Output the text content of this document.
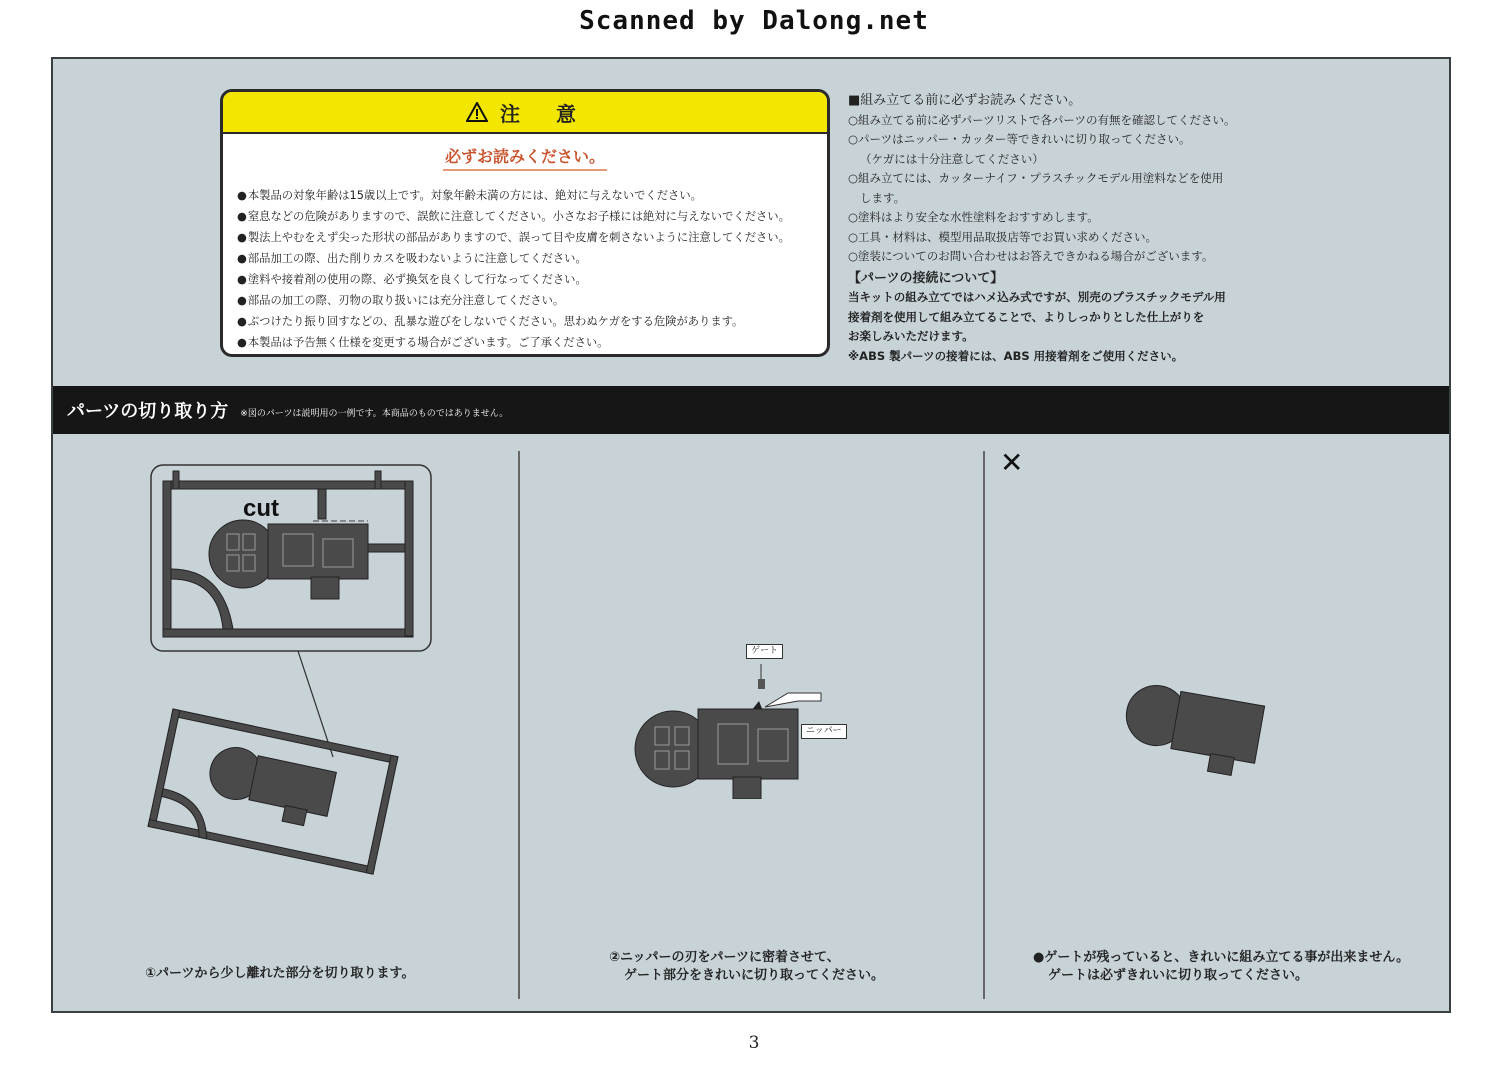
Scanned by Dalong.net
注　意
必ずお読みください。
● 本製品の対象年齢は15歳以上です。対象年齢未満の方には、絶対に与えないでください。
● 窒息などの危険がありますので、誤飲に注意してください。小さなお子様には絶対に与えないでください。
● 製法上やむをえず尖った形状の部品がありますので、誤って目や皮膚を刺さないように注意してください。
● 部品加工の際、出た削りカスを吸わないように注意してください。
● 塗料や接着剤の使用の際、必ず換気を良くして行なってください。
● 部品の加工の際、刃物の取り扱いには充分注意してください。
● ぶつけたり振り回すなどの、乱暴な遊びをしないでください。思わぬケガをする危険があります。
● 本製品は予告無く仕様を変更する場合がございます。ご了承ください。
■組み立てる前に必ずお読みください。
○組み立てる前に必ずパーツリストで各パーツの有無を確認してください。
○パーツはニッパー・カッター等できれいに切り取ってください。
（ケガには十分注意してください）
○組み立てには、カッターナイフ・プラスチックモデル用塗料などを使用
します。
○塗料はより安全な水性塗料をおすすめします。
○工具・材料は、模型用品取扱店等でお買い求めください。
○塗装についてのお問い合わせはお答えできかねる場合がございます。
【パーツの接続について】
当キットの組み立てではハメ込み式ですが、別売のプラスチックモデル用
接着剤を使用して組み立てることで、よりしっかりとした仕上がりを
お楽しみいただけます。
※ABS 製パーツの接着には、ABS 用接着剤をご使用ください。
パーツの切り取り方 ※図のパーツは説明用の一例です。本商品のものではありません。
cut
①パーツから少し離れた部分を切り取ります。
ゲート
ニッパー
②ニッパーの刃をパーツに密着させて、
ゲート部分をきれいに切り取ってください。
✕
●ゲートが残っていると、きれいに組み立てる事が出来ません。
ゲートは必ずきれいに切り取ってください。
3
